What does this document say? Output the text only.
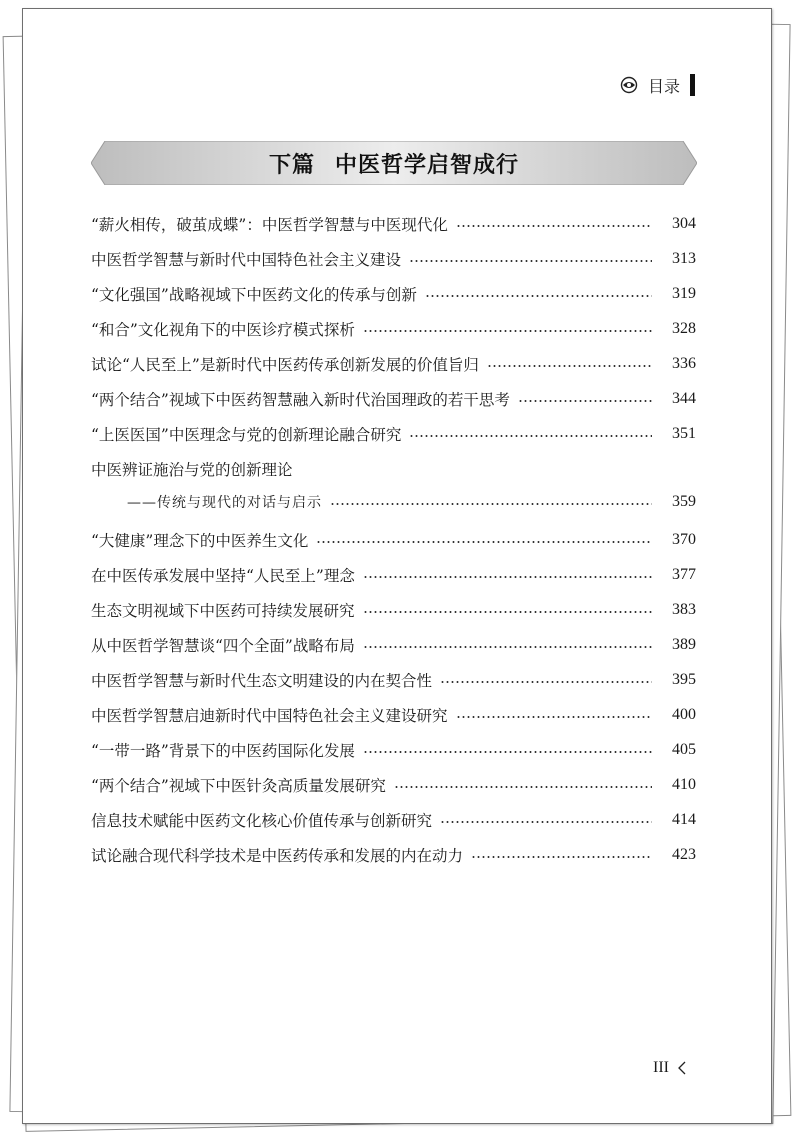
目录
下篇 中医哲学启智成行
“薪火相传，破茧成蝶”：中医哲学智慧与中医现代化	304
中医哲学智慧与新时代中国特色社会主义建设	313
“文化强国”战略视域下中医药文化的传承与创新	319
“和合”文化视角下的中医诊疗模式探析	328
试论“人民至上”是新时代中医药传承创新发展的价值旨归	336
“两个结合”视域下中医药智慧融入新时代治国理政的若干思考	344
“上医医国”中医理念与党的创新理论融合研究	351
中医辨证施治与党的创新理论
——传统与现代的对话与启示	359
“大健康”理念下的中医养生文化	370
在中医传承发展中坚持“人民至上”理念	377
生态文明视域下中医药可持续发展研究	383
从中医哲学智慧谈“四个全面”战略布局	389
中医哲学智慧与新时代生态文明建设的内在契合性	395
中医哲学智慧启迪新时代中国特色社会主义建设研究	400
“一带一路”背景下的中医药国际化发展	405
“两个结合”视域下中医针灸高质量发展研究	410
信息技术赋能中医药文化核心价值传承与创新研究	414
试论融合现代科学技术是中医药传承和发展的内在动力	423
III
